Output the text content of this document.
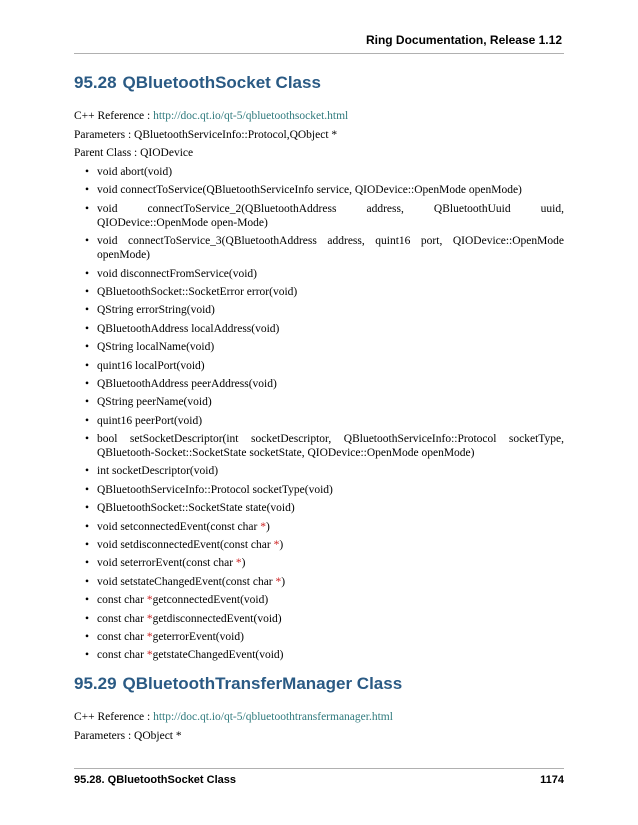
Ring Documentation, Release 1.12
95.28 QBluetoothSocket Class
C++ Reference : http://doc.qt.io/qt-5/qbluetoothsocket.html
Parameters : QBluetoothServiceInfo::Protocol,QObject *
Parent Class : QIODevice
• void abort(void)
• void connectToService(QBluetoothServiceInfo service, QIODevice::OpenMode openMode)
• void connectToService_2(QBluetoothAddress address, QBluetoothUuid uuid, QIODevice::OpenMode open-Mode)
• void connectToService_3(QBluetoothAddress address, quint16 port, QIODevice::OpenMode openMode)
• void disconnectFromService(void)
• QBluetoothSocket::SocketError error(void)
• QString errorString(void)
• QBluetoothAddress localAddress(void)
• QString localName(void)
• quint16 localPort(void)
• QBluetoothAddress peerAddress(void)
• QString peerName(void)
• quint16 peerPort(void)
• bool setSocketDescriptor(int socketDescriptor, QBluetoothServiceInfo::Protocol socketType, QBluetooth-Socket::SocketState socketState, QIODevice::OpenMode openMode)
• int socketDescriptor(void)
• QBluetoothServiceInfo::Protocol socketType(void)
• QBluetoothSocket::SocketState state(void)
• void setconnectedEvent(const char *)
• void setdisconnectedEvent(const char *)
• void seterrorEvent(const char *)
• void setstateChangedEvent(const char *)
• const char *getconnectedEvent(void)
• const char *getdisconnectedEvent(void)
• const char *geterrorEvent(void)
• const char *getstateChangedEvent(void)
95.29 QBluetoothTransferManager Class
C++ Reference : http://doc.qt.io/qt-5/qbluetoothtransfermanager.html
Parameters : QObject *
95.28. QBluetoothSocket Class	1174
